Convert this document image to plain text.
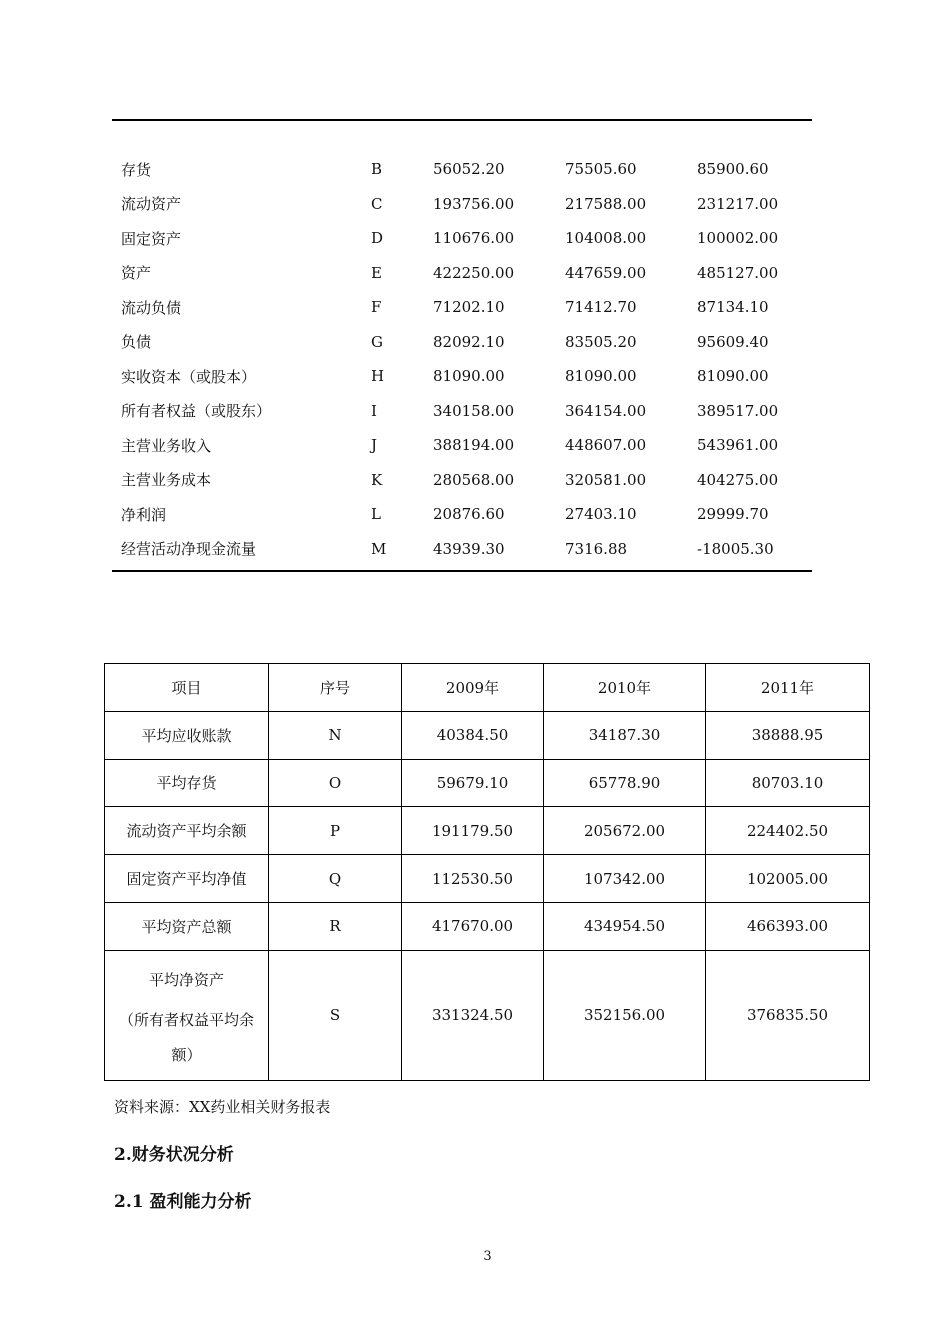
存货	B	56052.20	75505.60	85900.60
流动资产	C	193756.00	217588.00	231217.00
固定资产	D	110676.00	104008.00	100002.00
资产	E	422250.00	447659.00	485127.00
流动负债	F	71202.10	71412.70	87134.10
负债	G	82092.10	83505.20	95609.40
实收资本（或股本）	H	81090.00	81090.00	81090.00
所有者权益（或股东）	I	340158.00	364154.00	389517.00
主营业务收入	J	388194.00	448607.00	543961.00
主营业务成本	K	280568.00	320581.00	404275.00
净利润	L	20876.60	27403.10	29999.70
经营活动净现金流量	M	43939.30	7316.88	-18005.30
项目	序号	2009年	2010年	2011年
平均应收账款	N	40384.50	34187.30	38888.95
平均存货	O	59679.10	65778.90	80703.10
流动资产平均余额	P	191179.50	205672.00	224402.50
固定资产平均净值	Q	112530.50	107342.00	102005.00
平均资产总额	R	417670.00	434954.50	466393.00

平均净资产
（所有者权益平均余
额）	S	331324.50	352156.00	376835.50
资料来源：XX药业相关财务报表
2.财务状况分析
2.1 盈利能力分析
3
